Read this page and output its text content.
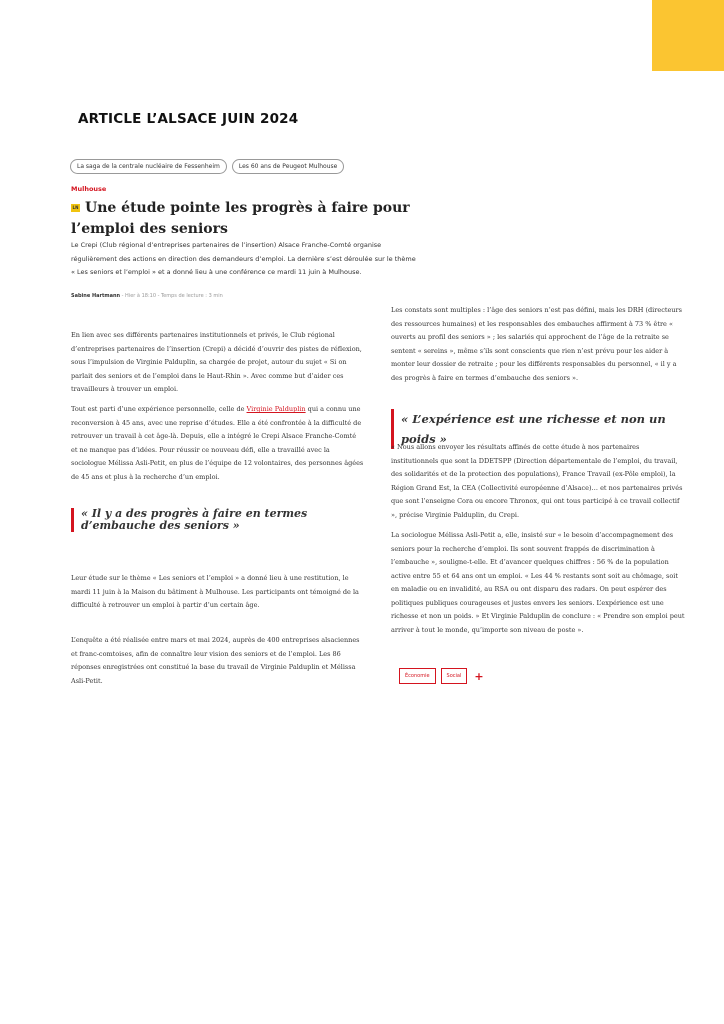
ARTICLE L’ALSACE JUIN 2024
La saga de la centrale nucléaire de Fessenheim	Les 60 ans de Peugeot Mulhouse
Mulhouse
LN Une étude pointe les progrès à faire pour l’emploi des seniors

Le Crepi (Club régional d’entreprises partenaires de l’insertion) Alsace Franche-Comté organise régulièrement des actions en direction des demandeurs d’emploi. La dernière s’est déroulée sur le thème « Les seniors et l’emploi » et a donné lieu à une conférence ce mardi 11 juin à Mulhouse.

Sabine Hartmann - Hier à 18:10 - Temps de lecture : 3 min

En lien avec ses différents partenaires institutionnels et privés, le Club régional d’entreprises partenaires de l’insertion (Crepi) a décidé d’ouvrir des pistes de réflexion, sous l’impulsion de Virginie Palduplin, sa chargée de projet, autour du sujet « Si on parlait des seniors et de l’emploi dans le Haut-Rhin ». Avec comme but d’aider ces travailleurs à trouver un emploi.

Tout est parti d’une expérience personnelle, celle de Virginie Palduplin qui a connu une reconversion à 45 ans, avec une reprise d’études. Elle a été confrontée à la difficulté de retrouver un travail à cet âge-là. Depuis, elle a intégré le Crepi Alsace Franche-Comté et ne manque pas d’idées. Pour réussir ce nouveau défi, elle a travaillé avec la sociologue Mélissa Asli-Petit, en plus de l’équipe de 12 volontaires, des personnes âgées de 45 ans et plus à la recherche d’un emploi.

« Il y a des progrès à faire en termes d’embauche des seniors »

Leur étude sur le thème « Les seniors et l’emploi » a donné lieu à une restitution, le mardi 11 juin à la Maison du bâtiment à Mulhouse. Les participants ont témoigné de la difficulté à retrouver un emploi à partir d’un certain âge.

L’enquête a été réalisée entre mars et mai 2024, auprès de 400 entreprises alsaciennes et franc-comtoises, afin de connaître leur vision des seniors et de l’emploi. Les 86 réponses enregistrées ont constitué la base du travail de Virginie Palduplin et Mélissa Asli-Petit.

Les constats sont multiples : l’âge des seniors n’est pas défini, mais les DRH (directeurs des ressources humaines) et les responsables des embauches affirment à 73 % être « ouverts au profil des seniors » ; les salariés qui approchent de l’âge de la retraite se sentent « sereins », même s’ils sont conscients que rien n’est prévu pour les aider à monter leur dossier de retraite ; pour les différents responsables du personnel, « il y a des progrès à faire en termes d’embauche des seniors ».

« L’expérience est une richesse et non un poids »

« Nous allons envoyer les résultats affinés de cette étude à nos partenaires institutionnels que sont la DDETSPP (Direction départementale de l’emploi, du travail, des solidarités et de la protection des populations), France Travail (ex-Pôle emploi), la Région Grand Est, la CEA (Collectivité européenne d’Alsace)… et nos partenaires privés que sont l’enseigne Cora ou encore Thronox, qui ont tous participé à ce travail collectif », précise Virginie Palduplin, du Crepi.

La sociologue Mélissa Asli-Petit a, elle, insisté sur « le besoin d’accompagnement des seniors pour la recherche d’emploi. Ils sont souvent frappés de discrimination à l’embauche », souligne-t-elle. Et d’avancer quelques chiffres : 56 % de la population active entre 55 et 64 ans ont un emploi. « Les 44 % restants sont soit au chômage, soit en maladie ou en invalidité, au RSA ou ont disparu des radars. On peut espérer des politiques publiques courageuses et justes envers les seniors. L’expérience est une richesse et non un poids. » Et Virginie Palduplin de conclure : « Prendre son emploi peut arriver à tout le monde, qu’importe son niveau de poste ».

Économie	Social	+
